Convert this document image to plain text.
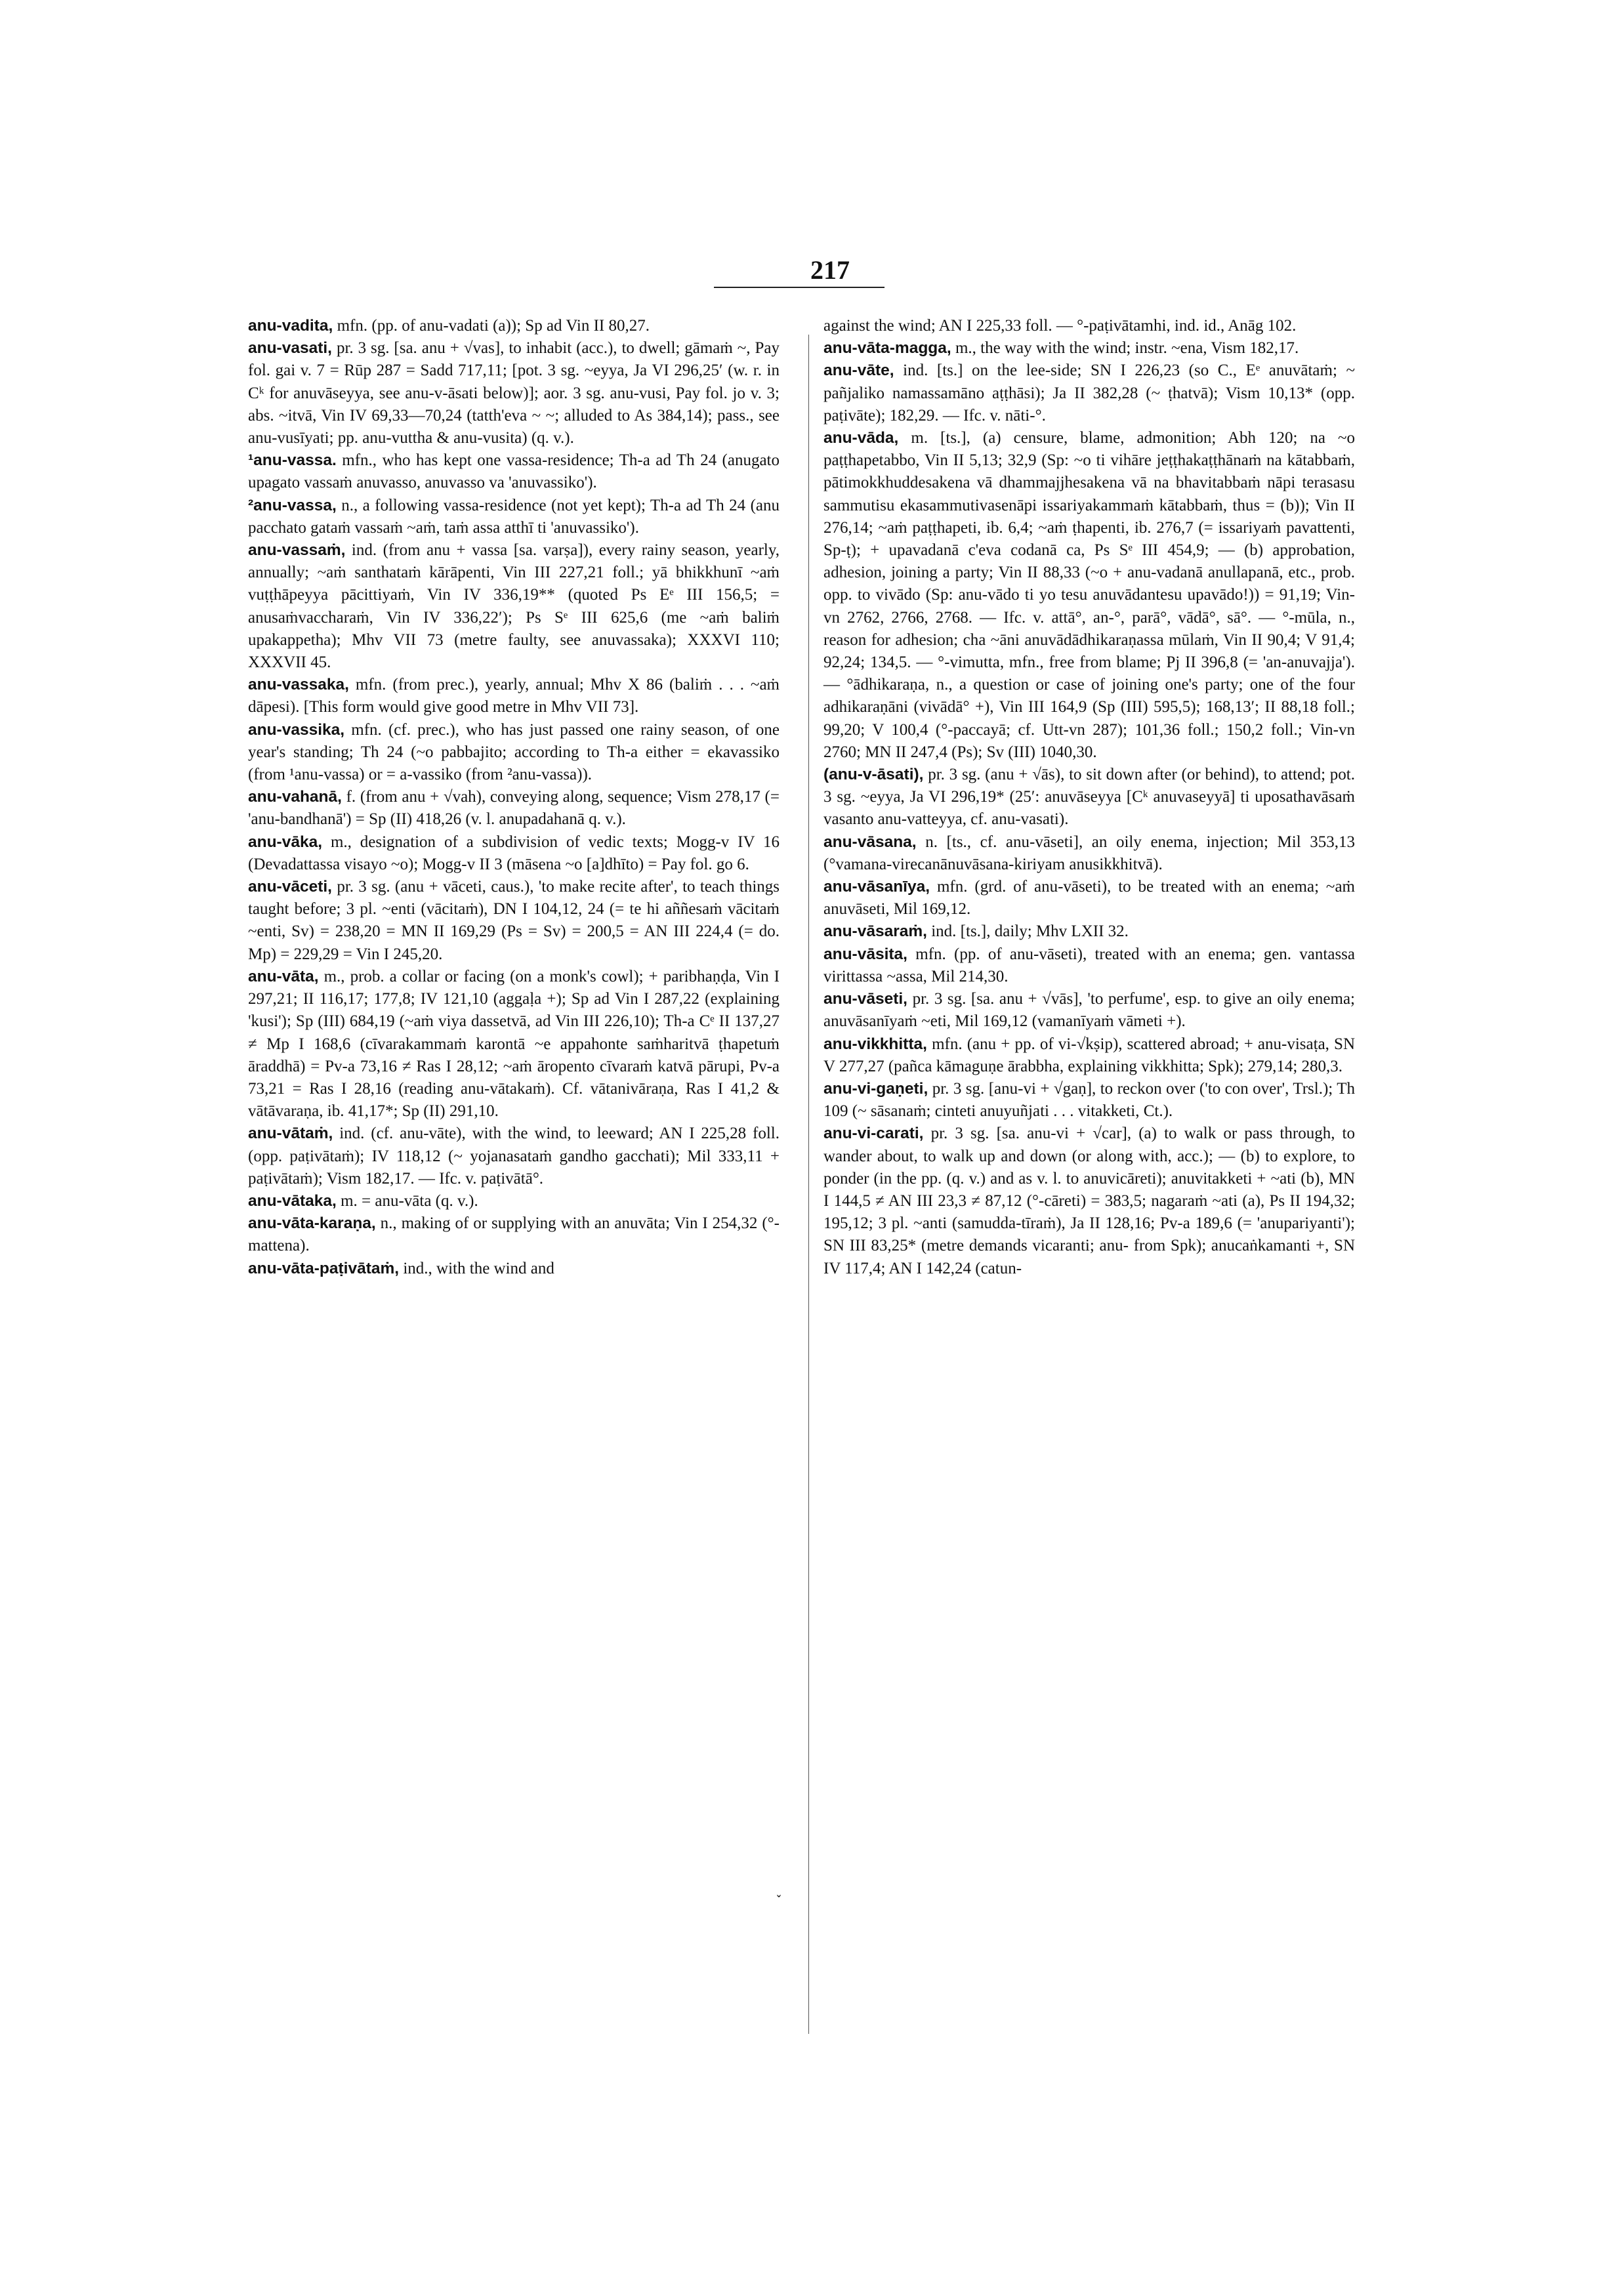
217

anu-vadita, mfn. (pp. of anu-vadati (a)); Sp ad Vin II 80,27.

anu-vasati, pr. 3 sg. [sa. anu + √vas], to inhabit (acc.), to dwell; gāmaṁ ~, Pay fol. gai v. 7 = Rūp 287 = Sadd 717,11; [pot. 3 sg. ~eyya, Ja VI 296,25′ (w. r. in Cᵏ for anuvāseyya, see anu-v-āsati below)]; aor. 3 sg. anu-vusi, Pay fol. jo v. 3; abs. ~itvā, Vin IV 69,33—70,24 (tatth'eva ~ ~; alluded to As 384,14); pass., see anu-vusīyati; pp. anu-vuttha & anu-vusita) (q. v.).

¹anu-vassa. mfn., who has kept one vassa-residence; Th-a ad Th 24 (anugato upagato vassaṁ anuvasso, anuvasso va 'anuvassiko').

²anu-vassa, n., a following vassa-residence (not yet kept); Th-a ad Th 24 (anu pacchato gataṁ vassaṁ ~aṁ, taṁ assa atthī ti 'anuvassiko').

anu-vassaṁ, ind. (from anu + vassa [sa. varṣa]), every rainy season, yearly, annually; ~aṁ santhataṁ kārāpenti, Vin III 227,21 foll.; yā bhikkhunī ~aṁ vuṭṭhāpeyya pācittiyaṁ, Vin IV 336,19** (quoted Ps Eᵉ III 156,5; = anusaṁvaccharaṁ, Vin IV 336,22′); Ps Sᵉ III 625,6 (me ~aṁ baliṁ upakappetha); Mhv VII 73 (metre faulty, see anuvassaka); XXXVI 110; XXXVII 45.

anu-vassaka, mfn. (from prec.), yearly, annual; Mhv X 86 (baliṁ . . . ~aṁ dāpesi). [This form would give good metre in Mhv VII 73].

anu-vassika, mfn. (cf. prec.), who has just passed one rainy season, of one year's standing; Th 24 (~o pabbajito; according to Th-a either = ekavassiko (from ¹anu-vassa) or = a-vassiko (from ²anu-vassa)).

anu-vahanā, f. (from anu + √vah), conveying along, sequence; Vism 278,17 (= 'anu-bandhanā') = Sp (II) 418,26 (v. l. anupadahanā q. v.).

anu-vāka, m., designation of a subdivision of vedic texts; Mogg-v IV 16 (Devadattassa visayo ~o); Mogg-v II 3 (māsena ~o [a]dhīto) = Pay fol. go 6.

anu-vāceti, pr. 3 sg. (anu + vāceti, caus.), 'to make recite after', to teach things taught before; 3 pl. ~enti (vācitaṁ), DN I 104,12, 24 (= te hi aññesaṁ vācitaṁ ~enti, Sv) = 238,20 = MN II 169,29 (Ps = Sv) = 200,5 = AN III 224,4 (= do. Mp) = 229,29 = Vin I 245,20.

anu-vāta, m., prob. a collar or facing (on a monk's cowl); + paribhaṇḍa, Vin I 297,21; II 116,17; 177,8; IV 121,10 (aggaḷa +); Sp ad Vin I 287,22 (explaining 'kusi'); Sp (III) 684,19 (~aṁ viya dassetvā, ad Vin III 226,10); Th-a Cᵉ II 137,27 ≠ Mp I 168,6 (cīvarakammaṁ karontā ~e appahonte saṁharitvā ṭhapetuṁ āraddhā) = Pv-a 73,16 ≠ Ras I 28,12; ~aṁ āropento cīvaraṁ katvā pārupi, Pv-a 73,21 = Ras I 28,16 (reading anu-vātakaṁ). Cf. vātanivāraṇa, Ras I 41,2 & vātāvaraṇa, ib. 41,17*; Sp (II) 291,10.

anu-vātaṁ, ind. (cf. anu-vāte), with the wind, to leeward; AN I 225,28 foll. (opp. paṭivātaṁ); IV 118,12 (~ yojanasataṁ gandho gacchati); Mil 333,11 + paṭivātaṁ); Vism 182,17. — Ifc. v. paṭivātā°.

anu-vātaka, m. = anu-vāta (q. v.).

anu-vāta-karaṇa, n., making of or supplying with an anuvāta; Vin I 254,32 (°-mattena).

anu-vāta-paṭivātaṁ, ind., with the wind and

against the wind; AN I 225,33 foll. — °-paṭivātamhi, ind. id., Anāg 102.

anu-vāta-magga, m., the way with the wind; instr. ~ena, Vism 182,17.

anu-vāte, ind. [ts.] on the lee-side; SN I 226,23 (so C., Eᵉ anuvātaṁ; ~ pañjaliko namassamāno aṭṭhāsi); Ja II 382,28 (~ ṭhatvā); Vism 10,13* (opp. paṭivāte); 182,29. — Ifc. v. nāti-°.

anu-vāda, m. [ts.], (a) censure, blame, admonition; Abh 120; na ~o paṭṭhapetabbo, Vin II 5,13; 32,9 (Sp: ~o ti vihāre jeṭṭhakaṭṭhānaṁ na kātabbaṁ, pātimokkhuddesakena vā dhammajjhesakena vā na bhavitabbaṁ nāpi terasasu sammutisu ekasammutivasenāpi issariyakammaṁ kātabbaṁ, thus = (b)); Vin II 276,14; ~aṁ paṭṭhapeti, ib. 6,4; ~aṁ ṭhapenti, ib. 276,7 (= issariyaṁ pavattenti, Sp-ṭ); + upavadanā c'eva codanā ca, Ps Sᵉ III 454,9; — (b) approbation, adhesion, joining a party; Vin II 88,33 (~o + anu-vadanā anullapanā, etc., prob. opp. to vivādo (Sp: anu-vādo ti yo tesu anuvādantesu upavādo!)) = 91,19; Vin-vn 2762, 2766, 2768. — Ifc. v. attā°, an-°, parā°, vādā°, sā°. — °-mūla, n., reason for adhesion; cha ~āni anuvādādhikaraṇassa mūlaṁ, Vin II 90,4; V 91,4; 92,24; 134,5. — °-vimutta, mfn., free from blame; Pj II 396,8 (= 'an-anuvajja'). — °ādhikaraṇa, n., a question or case of joining one's party; one of the four adhikaraṇāni (vivādā° +), Vin III 164,9 (Sp (III) 595,5); 168,13′; II 88,18 foll.; 99,20; V 100,4 (°-paccayā; cf. Utt-vn 287); 101,36 foll.; 150,2 foll.; Vin-vn 2760; MN II 247,4 (Ps); Sv (III) 1040,30.

(anu-v-āsati), pr. 3 sg. (anu + √ās), to sit down after (or behind), to attend; pot. 3 sg. ~eyya, Ja VI 296,19* (25′: anuvāseyya [Cᵏ anuvaseyyā] ti uposathavāsaṁ vasanto anu-vatteyya, cf. anu-vasati).

anu-vāsana, n. [ts., cf. anu-vāseti], an oily enema, injection; Mil 353,13 (°vamana-virecanānuvāsana-kiriyam anusikkhitvā).

anu-vāsanīya, mfn. (grd. of anu-vāseti), to be treated with an enema; ~aṁ anuvāseti, Mil 169,12.

anu-vāsaraṁ, ind. [ts.], daily; Mhv LXII 32.

anu-vāsita, mfn. (pp. of anu-vāseti), treated with an enema; gen. vantassa virittassa ~assa, Mil 214,30.

anu-vāseti, pr. 3 sg. [sa. anu + √vās], 'to perfume', esp. to give an oily enema; anuvāsanīyaṁ ~eti, Mil 169,12 (vamanīyaṁ vāmeti +).

anu-vikkhitta, mfn. (anu + pp. of vi-√kṣip), scattered abroad; + anu-visaṭa, SN V 277,27 (pañca kāmaguṇe ārabbha, explaining vikkhitta; Spk); 279,14; 280,3.

anu-vi-gaṇeti, pr. 3 sg. [anu-vi + √gaṇ], to reckon over ('to con over', Trsl.); Th 109 (~ sāsanaṁ; cinteti anuyuñjati . . . vitakketi, Ct.).

anu-vi-carati, pr. 3 sg. [sa. anu-vi + √car], (a) to walk or pass through, to wander about, to walk up and down (or along with, acc.); — (b) to explore, to ponder (in the pp. (q. v.) and as v. l. to anuvicāreti); anuvitakketi + ~ati (b), MN I 144,5 ≠ AN III 23,3 ≠ 87,12 (°-cāreti) = 383,5; nagaraṁ ~ati (a), Ps II 194,32; 195,12; 3 pl. ~anti (samudda-tīraṁ), Ja II 128,16; Pv-a 189,6 (= 'anupariyanti'); SN III 83,25* (metre demands vicaranti; anu- from Spk); anucaṅkamanti +, SN IV 117,4; AN I 142,24 (catun-

˯
